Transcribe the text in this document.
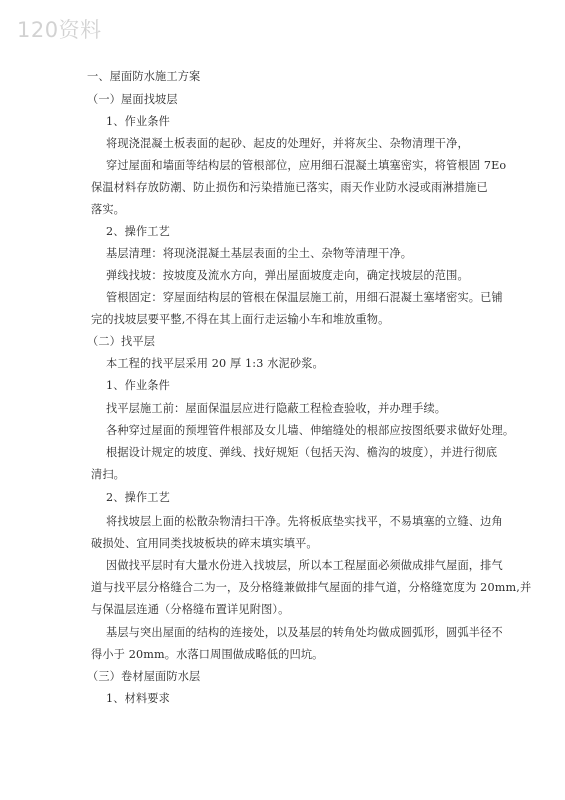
120资料
一、屋面防水施工方案
（一）屋面找坡层
1、作业条件
将现浇混凝土板表面的起砂、起皮的处理好，并将灰尘、杂物清理干净，
穿过屋面和墙面等结构层的管根部位，应用细石混凝土填塞密实，将管根固 7Eo
保温材料存放防潮、防止损伤和污染措施已落实，雨天作业防水浸或雨淋措施已
落实。
2、操作工艺
基层清理：将现浇混凝土基层表面的尘土、杂物等清理干净。
弹线找坡：按坡度及流水方向，弹出屋面坡度走向，确定找坡层的范围。
管根固定：穿屋面结构层的管根在保温层施工前，用细石混凝土塞堵密实。已铺
完的找坡层要平整,不得在其上面行走运输小车和堆放重物。
（二）找平层
本工程的找平层采用 20 厚 1:3 水泥砂浆。
1、作业条件
找平层施工前：屋面保温层应进行隐蔽工程检查验收，并办理手续。
各种穿过屋面的预埋管件根部及女儿墙、伸缩缝处的根部应按图纸要求做好处理。
根据设计规定的坡度、弹线、找好规矩（包括天沟、檐沟的坡度），并进行彻底
清扫。
2、操作工艺
将找坡层上面的松散杂物清扫干净。先将板底垫实找平，不易填塞的立缝、边角
破损处、宜用同类找坡板块的碎末填实填平。
因做找平层时有大量水份进入找坡层，所以本工程屋面必须做成排气屋面，排气
道与找平层分格缝合二为一，及分格缝兼做排气屋面的排气道，分格缝宽度为 20mm,并
与保温层连通（分格缝布置详见附图）。
基层与突出屋面的结构的连接处，以及基层的转角处均做成圆弧形，圆弧半径不
得小于 20mm。水落口周围做成略低的凹坑。
（三）卷材屋面防水层
1、材料要求
